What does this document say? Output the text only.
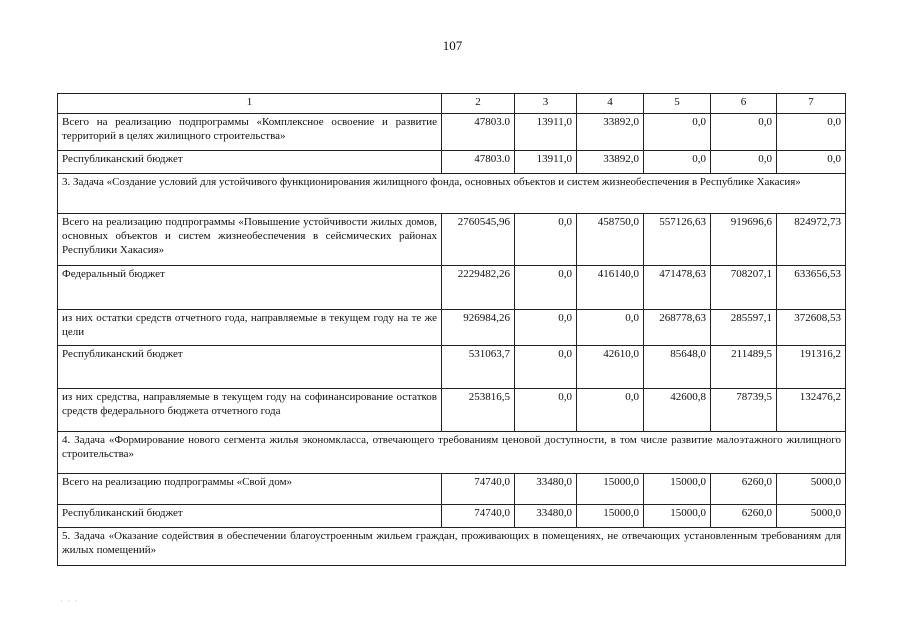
107
1	2	3	4	5	6	7
Всего на реализацию подпрограммы «Комплексное освоение и развитие территорий в целях жилищного строительства»	47803.0	13911,0	33892,0	0,0	0,0	0,0
Республиканский бюджет	47803.0	13911,0	33892,0	0,0	0,0	0,0
3. Задача «Создание условий для устойчивого функционирования жилищного фонда, основных объектов и систем жизнеобеспечения в Республике Хакасия»						
Всего на реализацию подпрограммы «Повышение устойчивости жилых домов, основных объектов и систем жизнеобеспечения в сейсмических районах Республики Хакасия»	2760545,96	0,0	458750,0	557126,63	919696,6	824972,73
Федеральный бюджет	2229482,26	0,0	416140,0	471478,63	708207,1	633656,53
из них остатки средств отчетного года, направляемые в текущем году на те же цели	926984,26	0,0	0,0	268778,63	285597,1	372608,53
Республиканский бюджет	531063,7	0,0	42610,0	85648,0	211489,5	191316,2
из них средства, направляемые в текущем году на софинансирование остатков средств федерального бюджета отчетного года	253816,5	0,0	0,0	42600,8	78739,5	132476,2
4. Задача «Формирование нового сегмента жилья экономкласса, отвечающего требованиям ценовой доступности, в том числе развитие малоэтажного жилищного строительства»						
Всего на реализацию подпрограммы «Свой дом»	74740,0	33480,0	15000,0	15000,0	6260,0	5000,0
Республиканский бюджет	74740,0	33480,0	15000,0	15000,0	6260,0	5000,0
5. Задача «Оказание содействия в обеспечении благоустроенным жильем граждан, проживающих в помещениях, не отвечающих установленным требованиям для жилых помещений»						
· · ·
